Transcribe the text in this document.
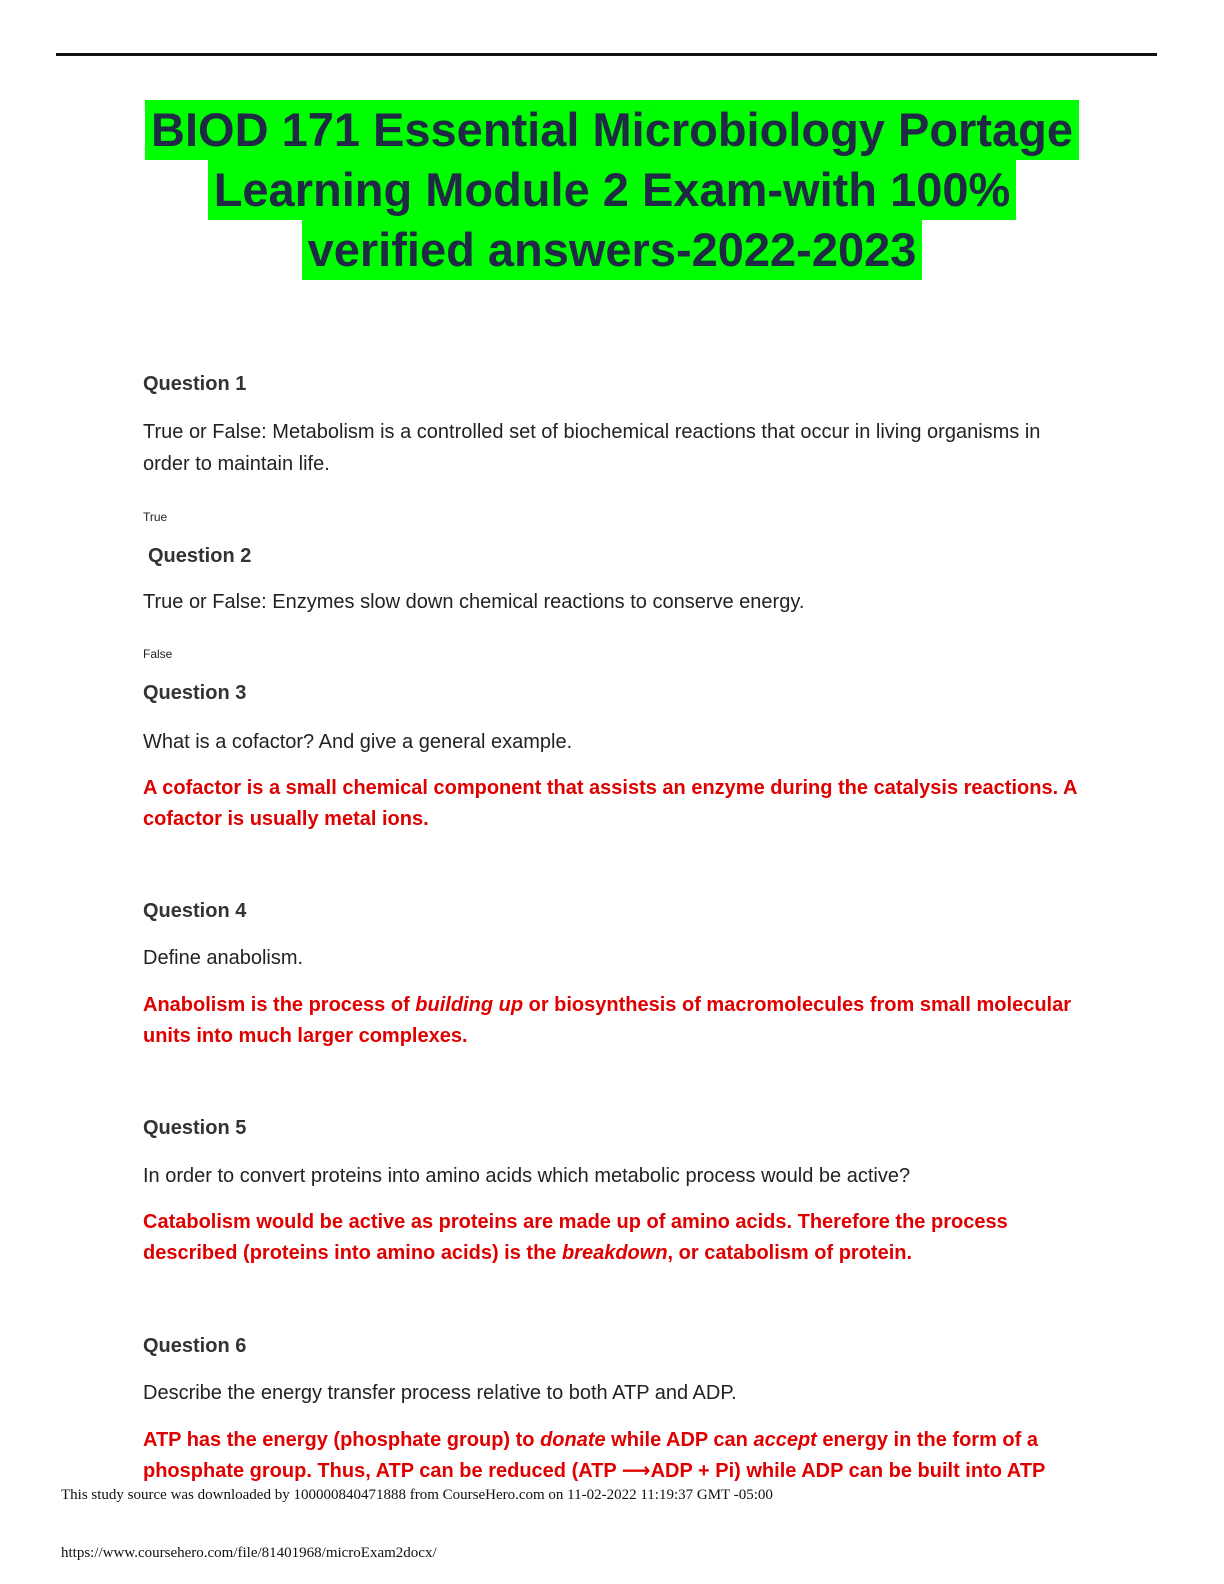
BIOD 171 Essential Microbiology Portage
Learning Module 2 Exam-with 100%
verified answers-2022-2023
Question 1
True or False: Metabolism is a controlled set of biochemical reactions that occur in living organisms in order to maintain life.
True
Question 2
True or False: Enzymes slow down chemical reactions to conserve energy.
False
Question 3
What is a cofactor? And give a general example.
A cofactor is a small chemical component that assists an enzyme during the catalysis reactions. A cofactor is usually metal ions.
Question 4
Define anabolism.
Anabolism is the process of building up or biosynthesis of macromolecules from small molecular units into much larger complexes.
Question 5
In order to convert proteins into amino acids which metabolic process would be active?
Catabolism would be active as proteins are made up of amino acids. Therefore the process described (proteins into amino acids) is the breakdown, or catabolism of protein.
Question 6
Describe the energy transfer process relative to both ATP and ADP.
ATP has the energy (phosphate group) to donate while ADP can accept energy in the form of a phosphate group. Thus, ATP can be reduced (ATP ⟶ADP + Pi) while ADP can be built into ATP
This study source was downloaded by 100000840471888 from CourseHero.com on 11-02-2022 11:19:37 GMT -05:00
https://www.coursehero.com/file/81401968/microExam2docx/
